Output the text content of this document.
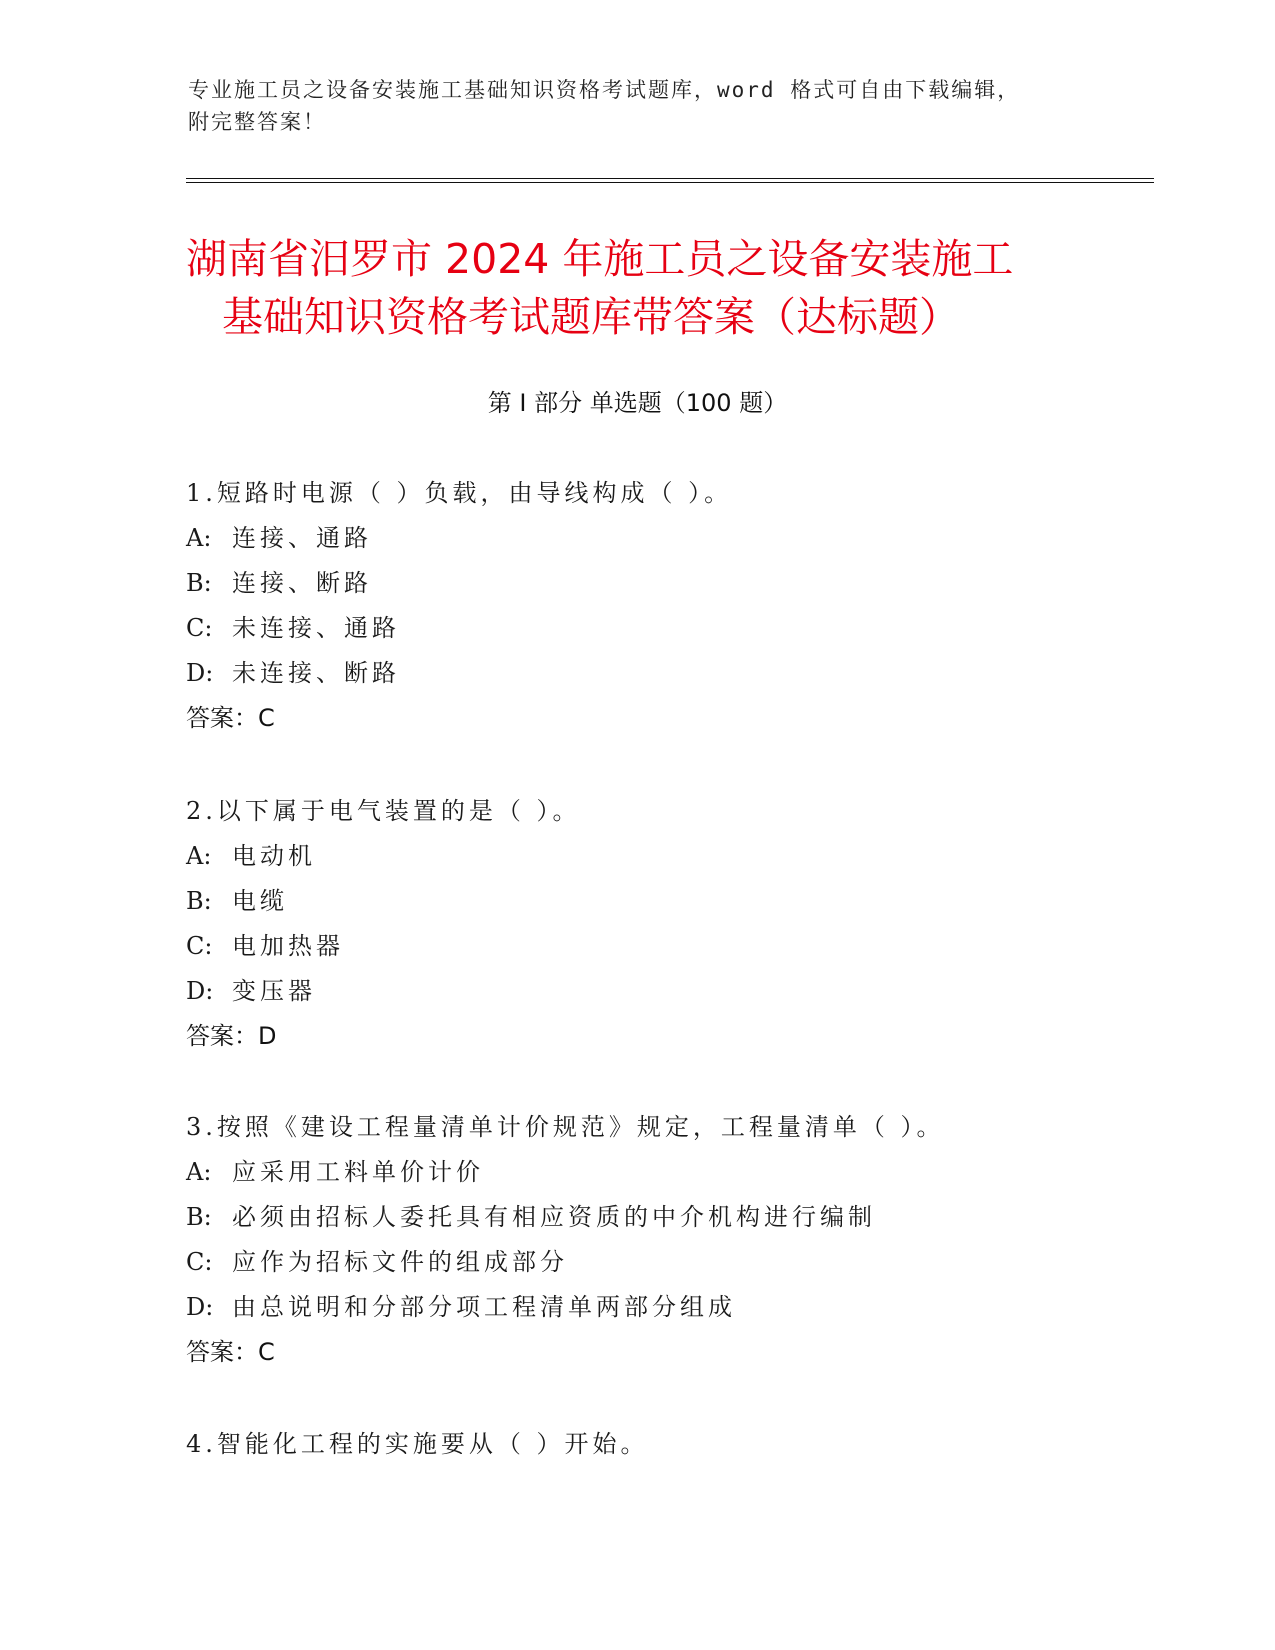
专业施工员之设备安装施工基础知识资格考试题库，word 格式可自由下载编辑，
附完整答案！
湖南省汨罗市 2024 年施工员之设备安装施工
基础知识资格考试题库带答案（达标题）
第 I 部分 单选题（100 题）
1.短路时电源（ ）负载，由导线构成（ ）。
A: 连接、通路
B: 连接、断路
C: 未连接、通路
D: 未连接、断路
答案：C
2.以下属于电气装置的是（ ）。
A: 电动机
B: 电缆
C: 电加热器
D: 变压器
答案：D
3.按照《建设工程量清单计价规范》规定，工程量清单（ ）。
A: 应采用工料单价计价
B: 必须由招标人委托具有相应资质的中介机构进行编制
C: 应作为招标文件的组成部分
D: 由总说明和分部分项工程清单两部分组成
答案：C
4.智能化工程的实施要从（ ）开始。
